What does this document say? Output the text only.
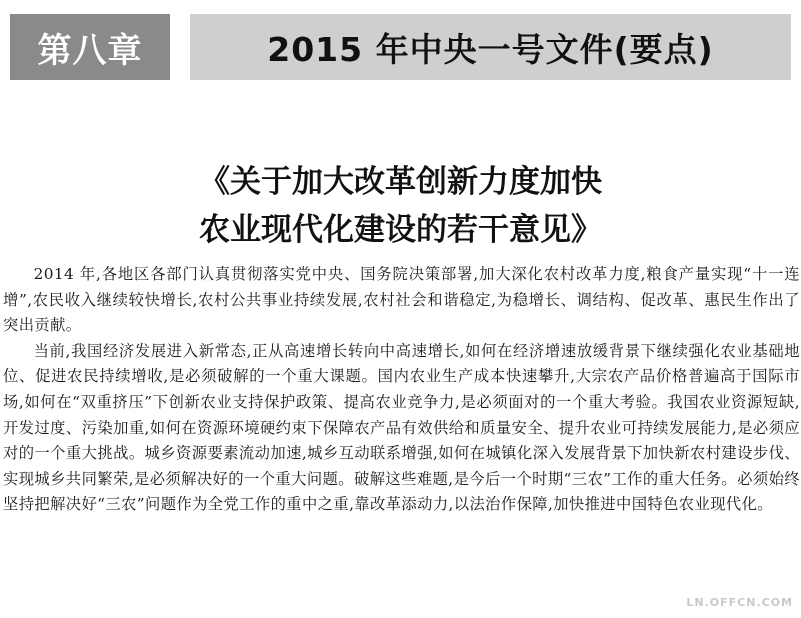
第八章	2015 年中央一号文件(要点)
《关于加大改革创新力度加快
农业现代化建设的若干意见》

2014 年,各地区各部门认真贯彻落实党中央、国务院决策部署,加大深化农村改革力度,粮食产量实现“十一连增”,农民收入继续较快增长,农村公共事业持续发展,农村社会和谐稳定,为稳增长、调结构、促改革、惠民生作出了突出贡献。

当前,我国经济发展进入新常态,正从高速增长转向中高速增长,如何在经济增速放缓背景下继续强化农业基础地位、促进农民持续增收,是必须破解的一个重大课题。国内农业生产成本快速攀升,大宗农产品价格普遍高于国际市场,如何在“双重挤压”下创新农业支持保护政策、提高农业竞争力,是必须面对的一个重大考验。我国农业资源短缺,开发过度、污染加重,如何在资源环境硬约束下保障农产品有效供给和质量安全、提升农业可持续发展能力,是必须应对的一个重大挑战。城乡资源要素流动加速,城乡互动联系增强,如何在城镇化深入发展背景下加快新农村建设步伐、实现城乡共同繁荣,是必须解决好的一个重大问题。破解这些难题,是今后一个时期“三农”工作的重大任务。必须始终坚持把解决好“三农”问题作为全党工作的重中之重,靠改革添动力,以法治作保障,加快推进中国特色农业现代化。

LN.OFFCN.COM
